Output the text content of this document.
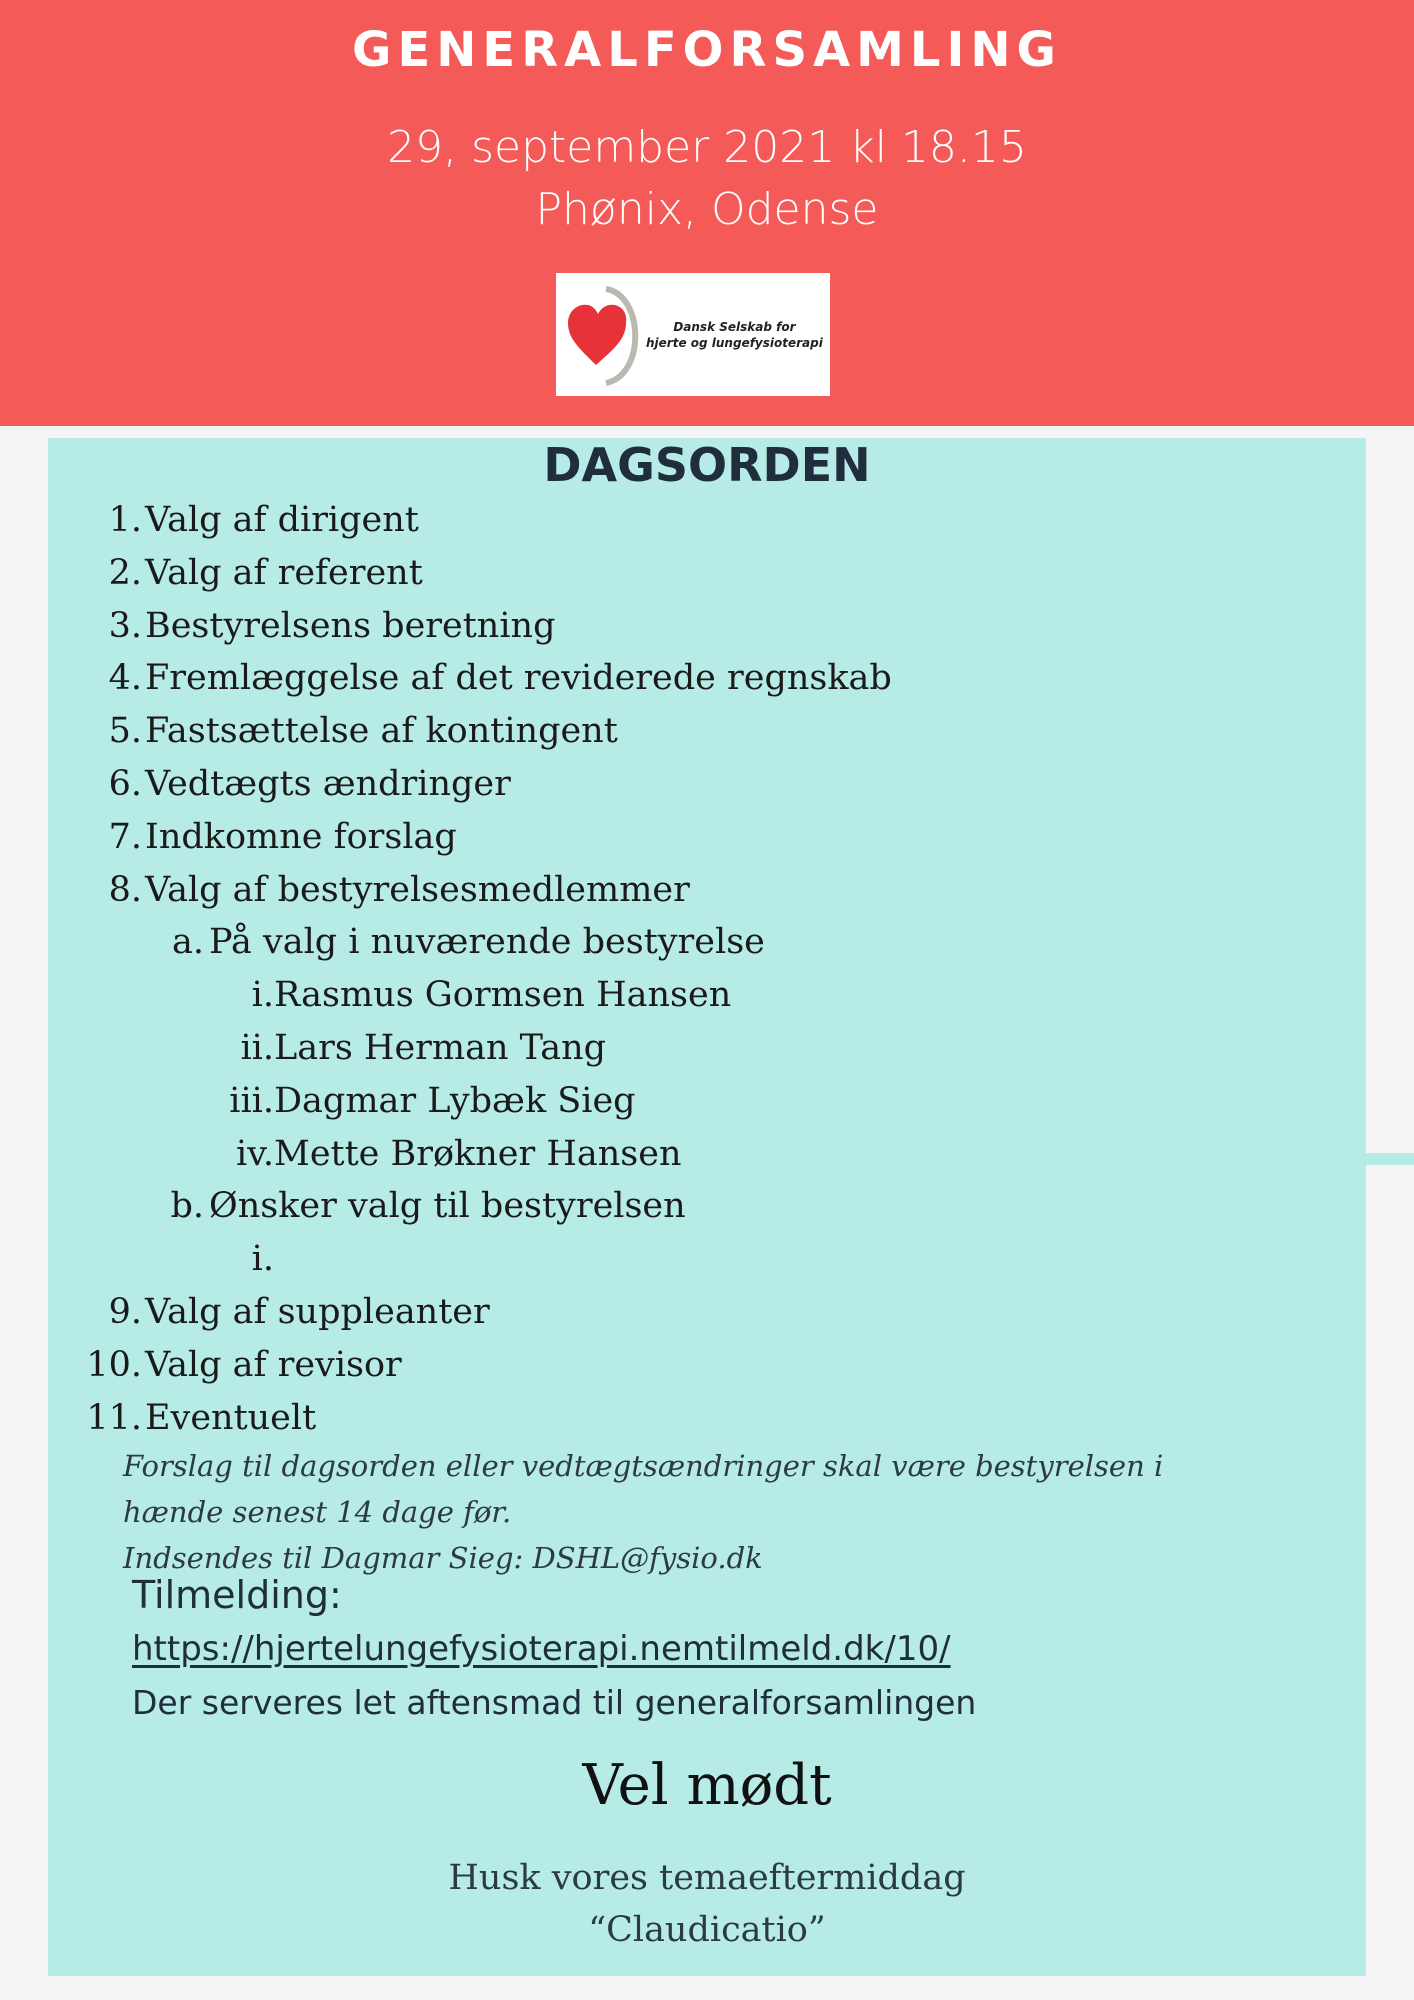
GENERALFORSAMLING
29, september 2021 kl 18.15
Phønix, Odense
Dansk Selskab for
hjerte og lungefysioterapi
DAGSORDEN
1. Valg af dirigent
2. Valg af referent
3. Bestyrelsens beretning
4. Fremlæggelse af det reviderede regnskab
5. Fastsættelse af kontingent
6. Vedtægts ændringer
7. Indkomne forslag
8. Valg af bestyrelsesmedlemmer
a. På valg i nuværende bestyrelse
i. Rasmus Gormsen Hansen
ii. Lars Herman Tang
iii. Dagmar Lybæk Sieg
iv. Mette Brøkner Hansen
b. Ønsker valg til bestyrelsen
i.
9. Valg af suppleanter
10. Valg af revisor
11. Eventuelt
Forslag til dagsorden eller vedtægtsændringer skal være bestyrelsen i
hænde senest 14 dage før.
Indsendes til Dagmar Sieg: DSHL@fysio.dk
Tilmelding:
https://hjertelungefysioterapi.nemtilmeld.dk/10/
Der serveres let aftensmad til generalforsamlingen
Vel mødt
Husk vores temaeftermiddag
“Claudicatio”
